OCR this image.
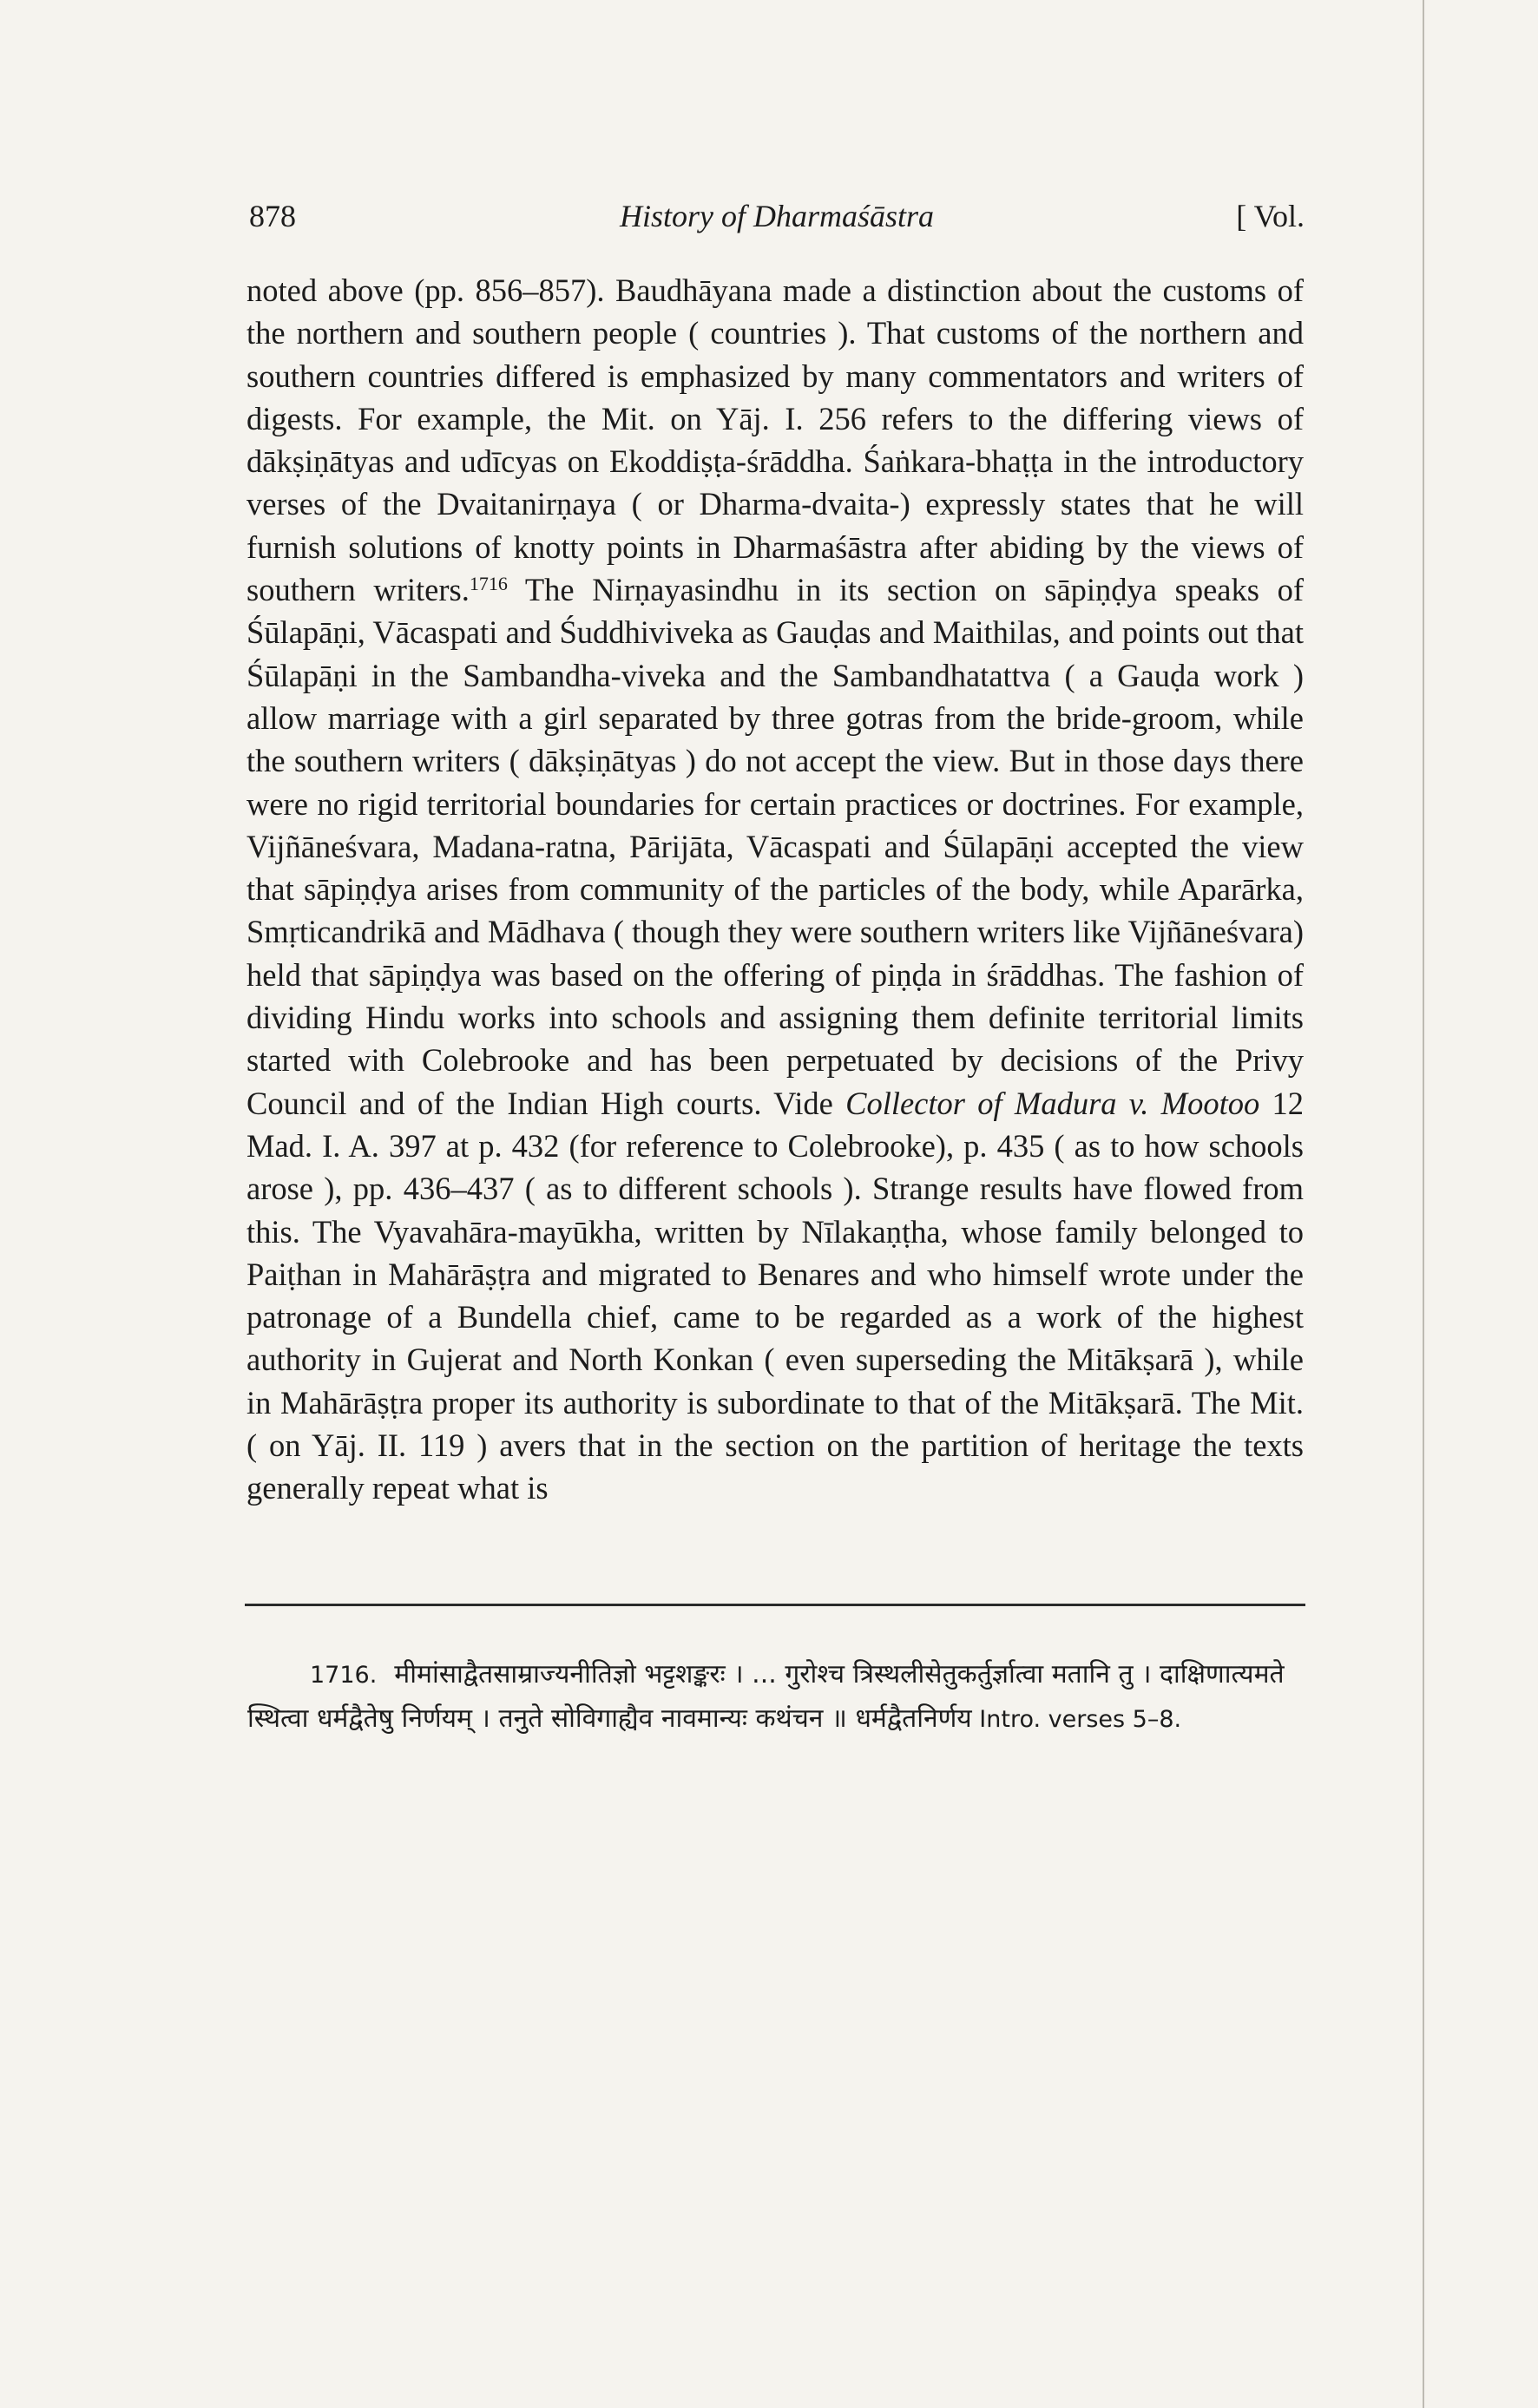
878	History of Dharmaśāstra	[ Vol.

noted above (pp. 856–857). Baudhāyana made a distinction about the customs of the northern and southern people ( countries ). That customs of the northern and southern countries differed is emphasized by many commentators and writers of digests. For example, the Mit. on Yāj. I. 256 refers to the differing views of dākṣiṇātyas and udīcyas on Ekoddiṣṭa-śrāddha. Śaṅkara-bhaṭṭa in the introductory verses of the Dvaitanirṇaya ( or Dharma-dvaita-) expressly states that he will furnish solutions of knotty points in Dharmaśāstra after abiding by the views of southern writers.$^{1716}$ The Nirṇayasindhu in its section on sāpiṇḍya speaks of Śūlapāṇi, Vācaspati and Śuddhiviveka as Gauḍas and Maithilas, and points out that Śūlapāṇi in the Sambandha-viveka and the Sambandhatattva ( a Gauḍa work ) allow marriage with a girl separated by three gotras from the bride-groom, while the southern writers ( dākṣiṇātyas ) do not accept the view. But in those days there were no rigid territorial boundaries for certain practices or doctrines. For example, Vijñāneśvara, Madana-ratna, Pārijāta, Vācaspati and Śūlapāṇi accepted the view that sāpiṇḍya arises from community of the particles of the body, while Aparārka, Smṛticandrikā and Mādhava ( though they were southern writers like Vijñāneśvara) held that sāpiṇḍya was based on the offering of piṇḍa in śrāddhas. The fashion of dividing Hindu works into schools and assigning them definite territorial limits started with Colebrooke and has been perpetuated by decisions of the Privy Council and of the Indian High courts. Vide Collector of Madura v. Mootoo 12 Mad. I. A. 397 at p. 432 (for reference to Colebrooke), p. 435 ( as to how schools arose ), pp. 436–437 ( as to different schools ). Strange results have flowed from this. The Vyavahāra-mayūkha, written by Nīlakaṇṭha, whose family belonged to Paiṭhan in Mahārāṣṭra and migrated to Benares and who himself wrote under the patronage of a Bundella chief, came to be regarded as a work of the highest authority in Gujerat and North Konkan ( even superseding the Mitākṣarā ), while in Mahārāṣṭra proper its authority is subordinate to that of the Mitākṣarā. The Mit. ( on Yāj. II. 119 ) avers that in the section on the partition of heritage the texts generally repeat what is

1716. मीमांसाद्वैतसाम्राज्यनीतिज्ञो भट्टशङ्करः । ... गुरोश्च त्रिस्थलीसेतुकर्तुर्ज्ञात्वा मतानि तु । दाक्षिणात्यमते स्थित्वा धर्मद्वैतेषु निर्णयम् । तनुते सोविगाह्यैव नावमान्यः कथंचन ॥ धर्मद्वैतनिर्णय Intro. verses 5–8.
